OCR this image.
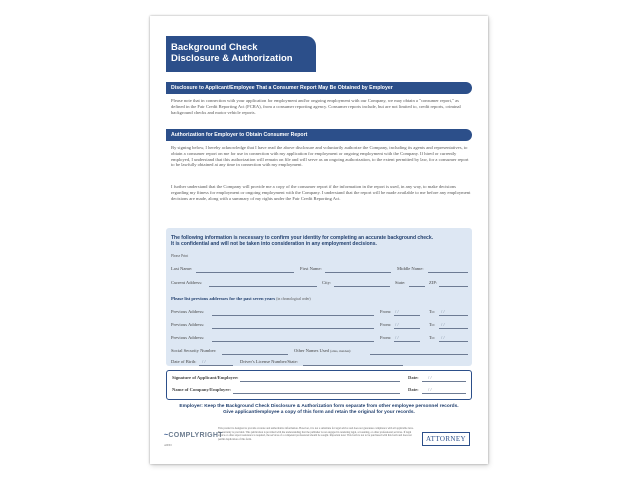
Background Check
Disclosure & Authorization
Disclosure to Applicant/Employee That a Consumer Report May Be Obtained by Employer
Please note that in connection with your application for employment and/or ongoing employment with our Company, we may obtain a "consumer report," as defined in the Fair Credit Reporting Act (FCRA), from a consumer reporting agency. Consumer reports include, but are not limited to, credit reports, criminal background checks and motor vehicle reports.
Authorization for Employer to Obtain Consumer Report
By signing below, I hereby acknowledge that I have read the above disclosure and voluntarily authorize the Company, including its agents and representatives, to obtain a consumer report on me for use in connection with my application for employment or ongoing employment with the Company. If hired or currently employed, I understand that this authorization will remain on file and will serve as an ongoing authorization, to the extent permitted by law, for a consumer report to be lawfully obtained at any time in connection with my employment.
I further understand that the Company will provide me a copy of the consumer report if the information in the report is used, in any way, to make decisions regarding my fitness for employment or ongoing employment with the Company. I understand that the report will be made available to me before any employment decisions are made, along with a summary of my rights under the Fair Credit Reporting Act.
The following information is necessary to confirm your identity for completing an accurate background check.
It is confidential and will not be taken into consideration in any employment decisions.
Please Print
Last Name:	First Name:	Middle Name:
Current Address:	City:	State:	ZIP:
Please list previous addresses for the past seven years (in chronological order)
Previous Address:	From: / /	To: / /
Previous Address:	From: / /	To: / /
Previous Address:	From: / /	To: / /
Social Security Number:	Other Names Used (alias, maiden):
Date of Birth: / /	Driver's License Number/State:
Signature of Applicant/Employee:	Date: / /
Name of Company/Employer:	Date: / /
Employer: Keep the Background Check Disclosure & Authorization form separate from other employee personnel records.
Give applicant/employee a copy of this form and retain the original for your records.
~COMPLYRIGHT
A0063
This product is designed to provide accurate and authoritative information. However, it is not a substitute for legal advice and does not guarantee compliance with all applicable laws. No warranty is provided. This publication is provided with the understanding that the publisher is not engaged in rendering legal, accounting, or other professional services. If legal advice or other expert assistance is required, the services of a competent professional should be sought. Important note: This form is not to be purchased with this form and does not permit duplication of this form.	ATTORNEY
